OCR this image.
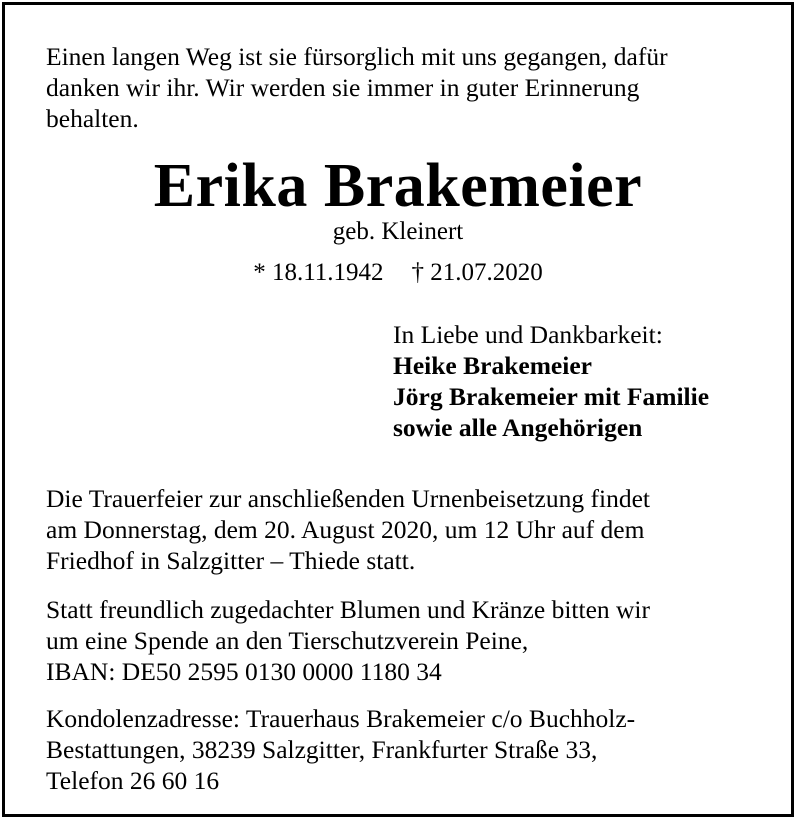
Einen langen Weg ist sie fürsorglich mit uns gegangen, dafür
danken wir ihr. Wir werden sie immer in guter Erinnerung
behalten.
Erika Brakemeier
geb. Kleinert
* 18.11.1942 † 21.07.2020
In Liebe und Dankbarkeit:
Heike Brakemeier
Jörg Brakemeier mit Familie
sowie alle Angehörigen
Die Trauerfeier zur anschließenden Urnenbeisetzung findet
am Donnerstag, dem 20. August 2020, um 12 Uhr auf dem
Friedhof in Salzgitter – Thiede statt.
Statt freundlich zugedachter Blumen und Kränze bitten wir
um eine Spende an den Tierschutzverein Peine,
IBAN: DE50 2595 0130 0000 1180 34
Kondolenzadresse: Trauerhaus Brakemeier c/o Buchholz-
Bestattungen, 38239 Salzgitter, Frankfurter Straße 33,
Telefon 26 60 16
